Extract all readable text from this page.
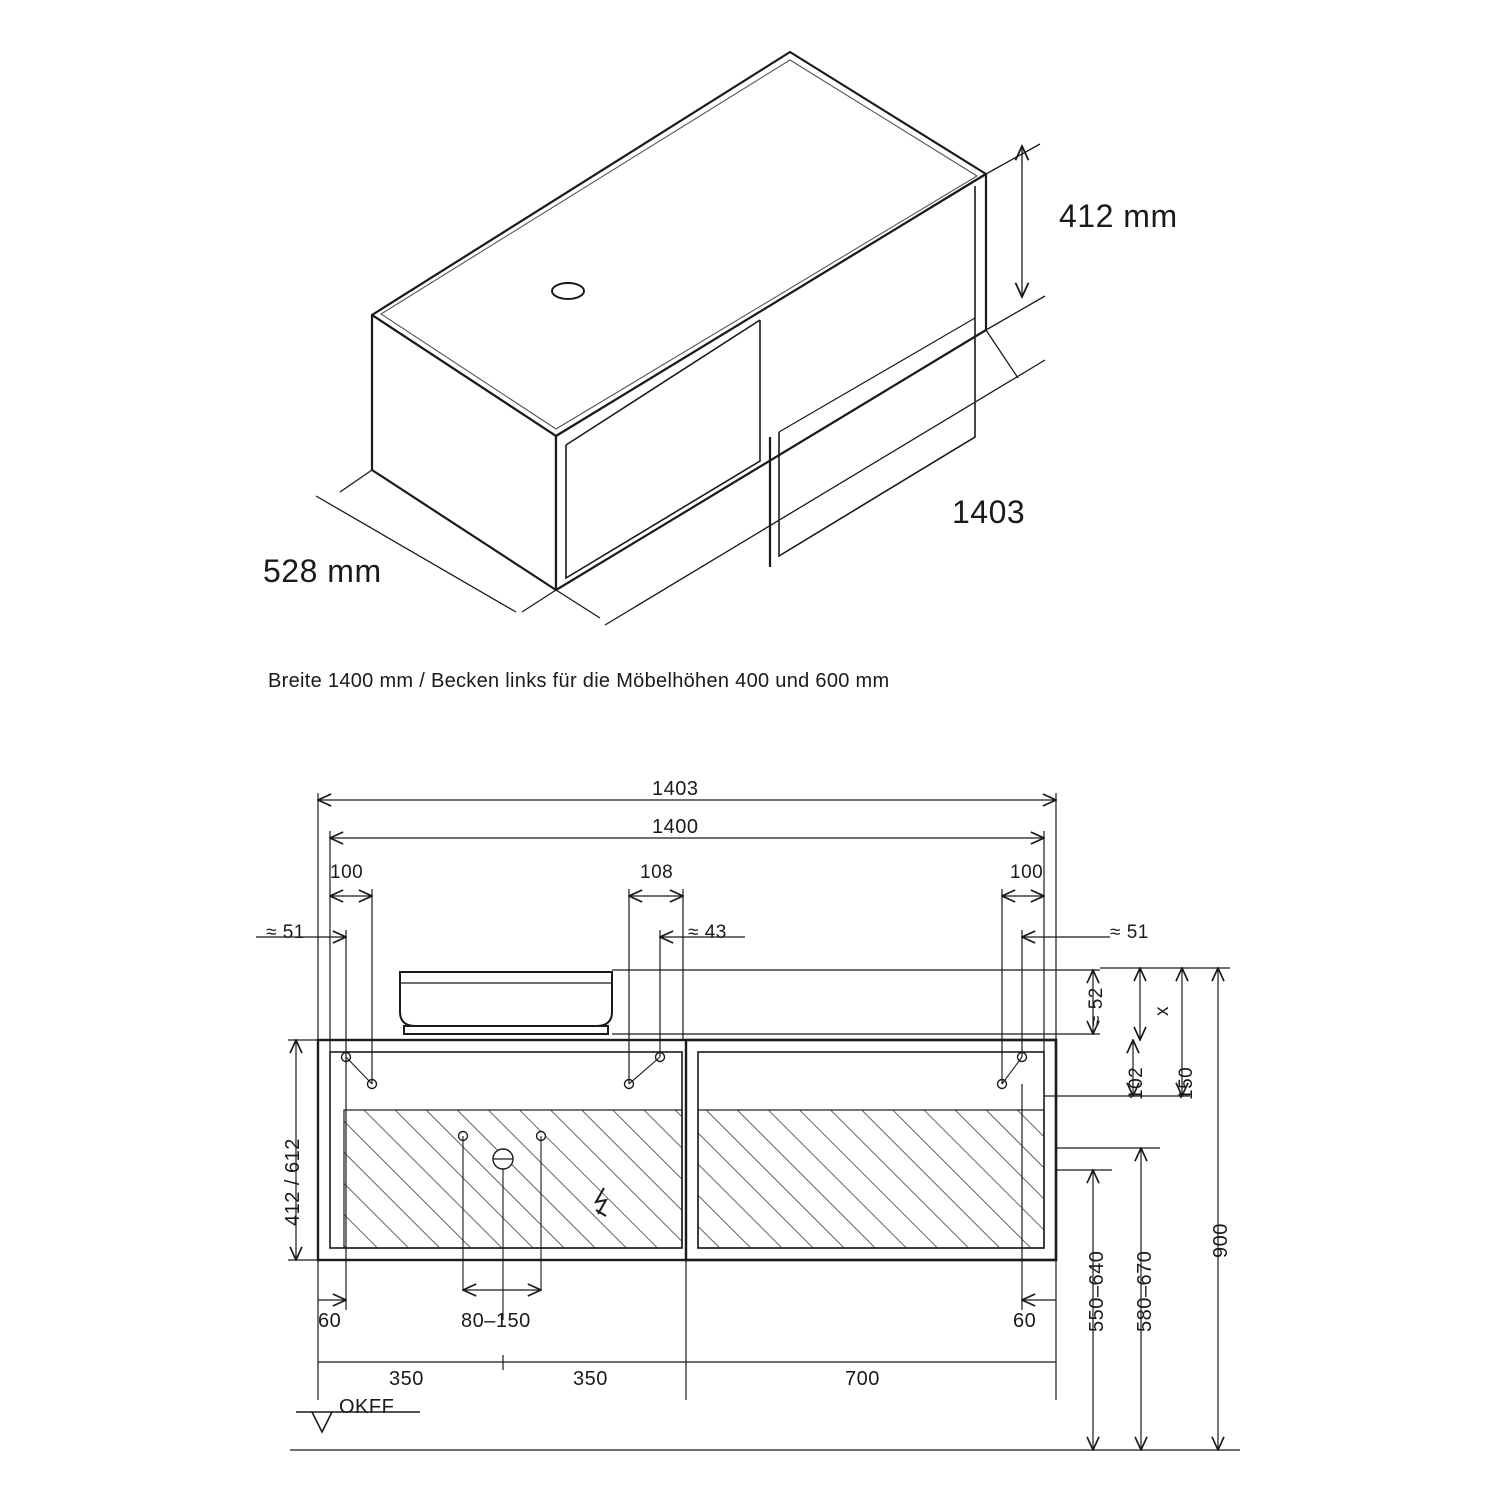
412 mm
528 mm
1403
Breite 1400 mm / Becken links für die Möbelhöhen 400 und 600 mm
1403
1400
100	108	100
≈ 51	≈ 43	≈ 51
≈ 52 x
102 150
412 / 612
550–640 580–670
900
60	80–150	60
350	350	700
OKFF
